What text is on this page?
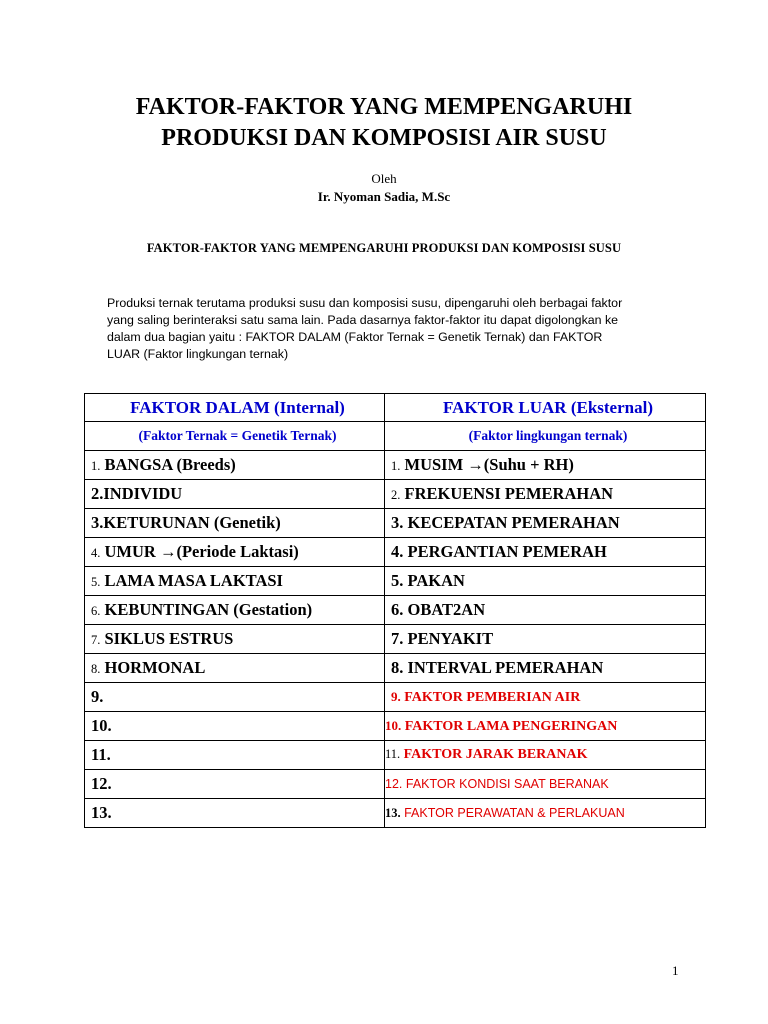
FAKTOR-FAKTOR YANG MEMPENGARUHI
PRODUKSI DAN KOMPOSISI AIR SUSU
Oleh
Ir. Nyoman Sadia, M.Sc
FAKTOR-FAKTOR YANG MEMPENGARUHI PRODUKSI DAN KOMPOSISI SUSU
Produksi ternak terutama produksi susu dan komposisi susu, dipengaruhi oleh berbagai faktor
yang saling berinteraksi satu sama lain. Pada dasarnya faktor-faktor itu dapat digolongkan ke
dalam dua bagian yaitu : FAKTOR DALAM (Faktor Ternak = Genetik Ternak) dan FAKTOR
LUAR (Faktor lingkungan ternak)
FAKTOR DALAM (Internal)	FAKTOR LUAR (Eksternal)
(Faktor Ternak = Genetik Ternak)	(Faktor lingkungan ternak)
1. BANGSA (Breeds)	1. MUSIM →(Suhu + RH)
2.INDIVIDU	2. FREKUENSI PEMERAHAN
3.KETURUNAN (Genetik)	3. KECEPATAN PEMERAHAN
4. UMUR →(Periode Laktasi)	4. PERGANTIAN PEMERAH
5. LAMA MASA LAKTASI	5. PAKAN
6. KEBUNTINGAN (Gestation)	6. OBAT2AN
7. SIKLUS ESTRUS	7. PENYAKIT
8. HORMONAL	8. INTERVAL PEMERAHAN
9.	9. FAKTOR PEMBERIAN AIR
10.	10. FAKTOR LAMA PENGERINGAN
11.	11. FAKTOR JARAK BERANAK
12.	12. FAKTOR KONDISI SAAT BERANAK
13.	13. FAKTOR PERAWATAN & PERLAKUAN
1
